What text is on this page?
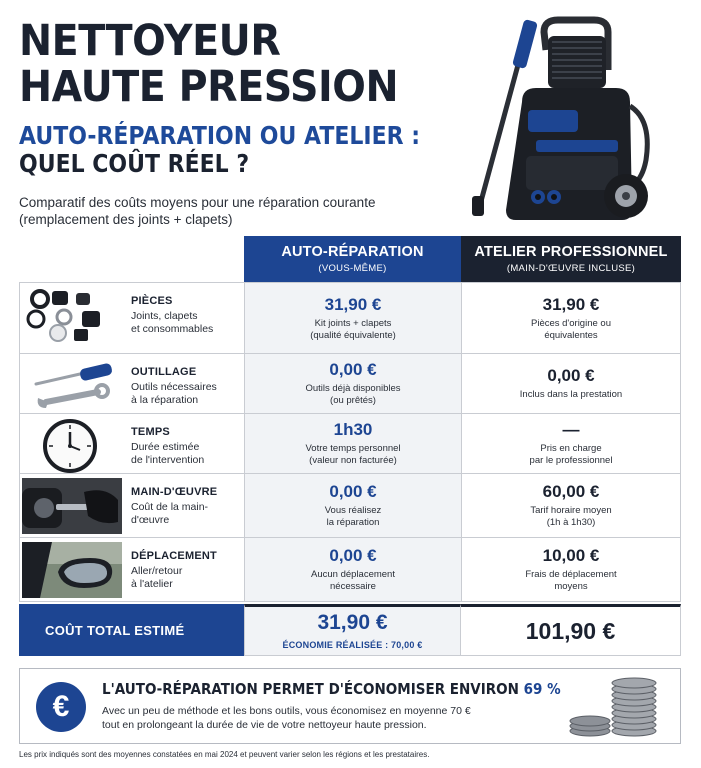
NETTOYEUR
HAUTE PRESSION
AUTO-RÉPARATION OU ATELIER :
QUEL COÛT RÉEL ?
Comparatif des coûts moyens pour une réparation courante
(remplacement des joints + clapets)
AUTO-RÉPARATION
(VOUS-MÊME)
ATELIER PROFESSIONNEL
(MAIN-D'ŒUVRE INCLUSE)
PIÈCES
Joints, clapets
et consommables
31,90 €
Kit joints + clapets
(qualité équivalente)
31,90 €
Pièces d'origine ou
équivalentes
OUTILLAGE
Outils nécessaires
à la réparation
0,00 €
Outils déjà disponibles
(ou prêtés)
0,00 €
Inclus dans la prestation
TEMPS
Durée estimée
de l'intervention
1h30
Votre temps personnel
(valeur non facturée)
—
Pris en charge
par le professionnel
MAIN-D'ŒUVRE
Coût de la main-
d'œuvre
0,00 €
Vous réalisez
la réparation
60,00 €
Tarif horaire moyen
(1h à 1h30)
DÉPLACEMENT
Aller/retour
à l'atelier
0,00 €
Aucun déplacement
nécessaire
10,00 €
Frais de déplacement
moyens
COÛT TOTAL ESTIMÉ	31,90 €
ÉCONOMIE RÉALISÉE : 70,00 €
101,90 €
€
L'AUTO-RÉPARATION PERMET D'ÉCONOMISER ENVIRON 69 %
Avec un peu de méthode et les bons outils, vous économisez en moyenne 70 €
tout en prolongeant la durée de vie de votre nettoyeur haute pression.
Les prix indiqués sont des moyennes constatées en mai 2024 et peuvent varier selon les régions et les prestataires.
